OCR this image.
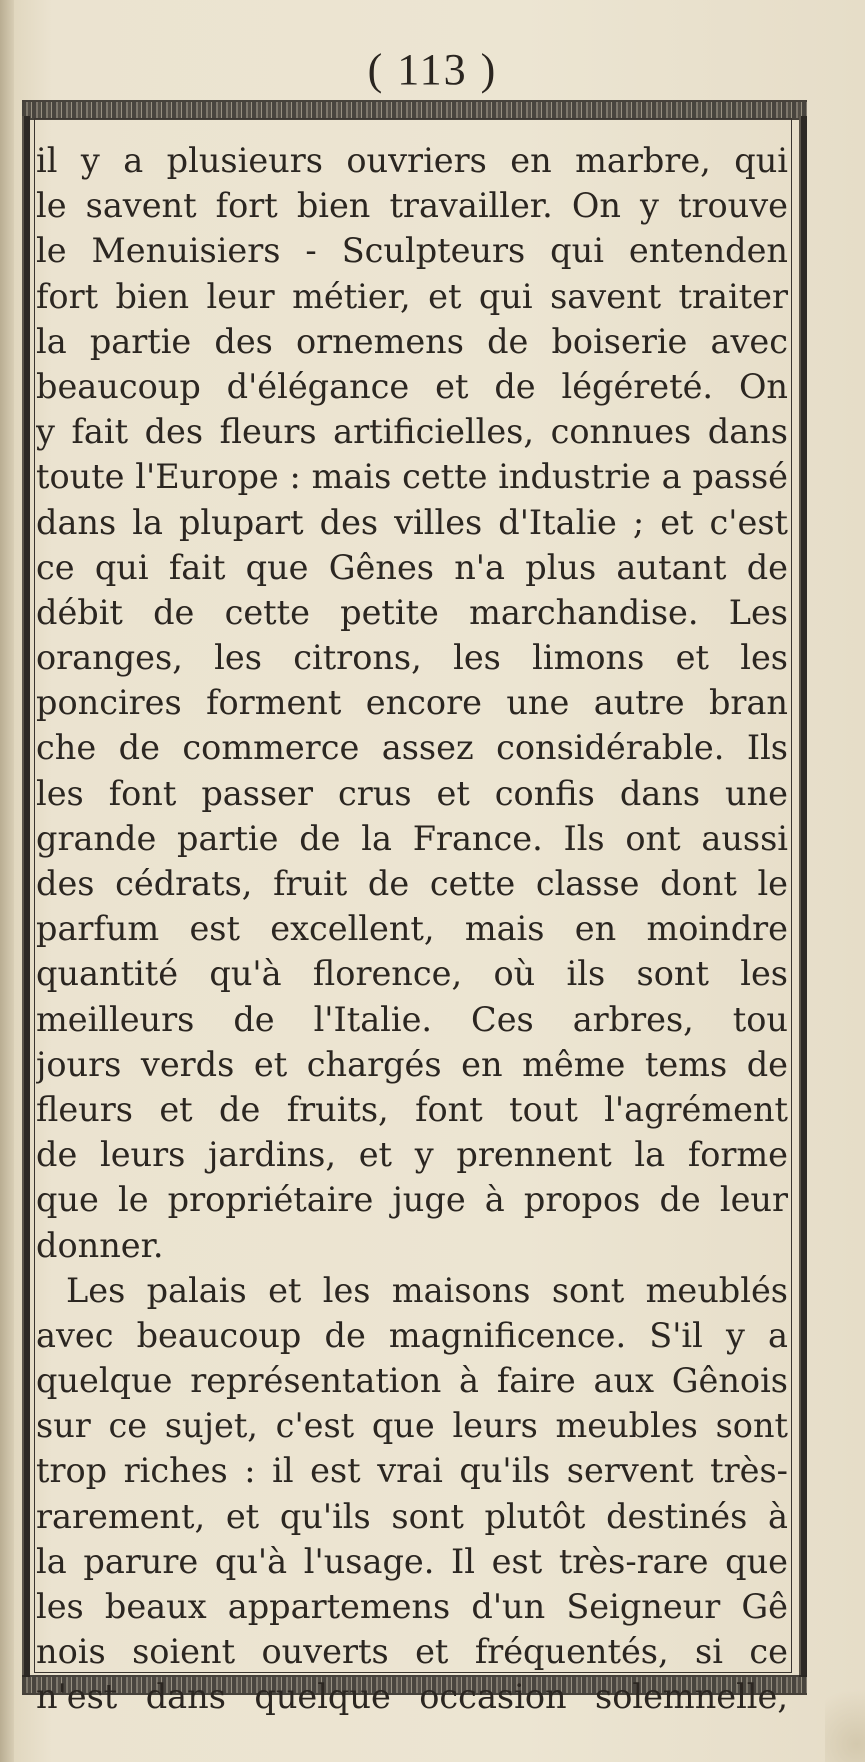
( 113 )
il y a plusieurs ouvriers en marbre, qui
le savent fort bien travailler. On y trouve
le Menuisiers - Sculpteurs qui entenden
fort bien leur métier, et qui savent traiter
la partie des ornemens de boiserie avec
beaucoup d'élégance et de légéreté. On
y fait des fleurs artificielles, connues dans
toute l'Europe : mais cette industrie a passé
dans la plupart des villes d'Italie ; et c'est
ce qui fait que Gênes n'a plus autant de
débit de cette petite marchandise. Les
oranges, les citrons, les limons et les
poncires forment encore une autre bran
che de commerce assez considérable. Ils
les font passer crus et confis dans une
grande partie de la France. Ils ont aussi
des cédrats, fruit de cette classe dont le
parfum est excellent, mais en moindre
quantité qu'à florence, où ils sont les
meilleurs de l'Italie. Ces arbres, tou
jours verds et chargés en même tems de
fleurs et de fruits, font tout l'agrément
de leurs jardins, et y prennent la forme
que le propriétaire juge à propos de leur
donner.
Les palais et les maisons sont meublés
avec beaucoup de magnificence. S'il y a
quelque représentation à faire aux Gênois
sur ce sujet, c'est que leurs meubles sont
trop riches : il est vrai qu'ils servent très-
rarement, et qu'ils sont plutôt destinés à
la parure qu'à l'usage. Il est très-rare que
les beaux appartemens d'un Seigneur Gê
nois soient ouverts et fréquentés, si ce
n'est dans quelque occasion solemnelle,
